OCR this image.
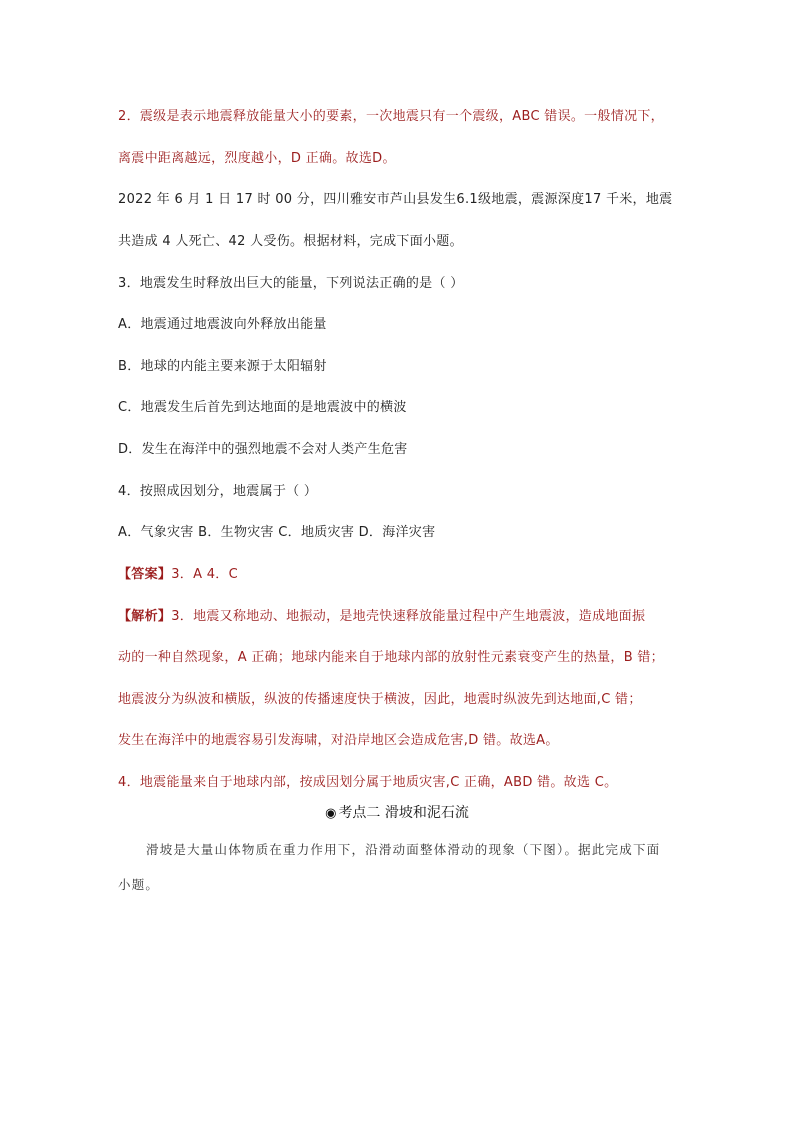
2．震级是表示地震释放能量大小的要素，一次地震只有一个震级，ABC 错误。一般情况下，
离震中距离越远，烈度越小，D 正确。故选D。
2022 年 6 月 1 日 17 时 00 分，四川雅安市芦山县发生6.1级地震，震源深度17 千米，地震
共造成 4 人死亡、42 人受伤。根据材料，完成下面小题。
3．地震发生时释放出巨大的能量，下列说法正确的是（ ）
A．地震通过地震波向外释放出能量
B．地球的内能主要来源于太阳辐射
C．地震发生后首先到达地面的是地震波中的横波
D．发生在海洋中的强烈地震不会对人类产生危害
4．按照成因划分，地震属于（ ）
A．气象灾害 B．生物灾害 C．地质灾害 D．海洋灾害
【答案】3．A 4．C
【解析】3．地震又称地动、地振动，是地壳快速释放能量过程中产生地震波，造成地面振
动的一种自然现象，A 正确；地球内能来自于地球内部的放射性元素衰变产生的热量，B 错；
地震波分为纵波和横版，纵波的传播速度快于横波，因此，地震时纵波先到达地面,C 错；
发生在海洋中的地震容易引发海啸，对沿岸地区会造成危害,D 错。故选A。
4．地震能量来自于地球内部，按成因划分属于地质灾害,C 正确，ABD 错。故选 C。
◉ 考点二 滑坡和泥石流
滑坡是大量山体物质在重力作用下，沿滑动面整体滑动的现象（下图）。据此完成下面
小题。
